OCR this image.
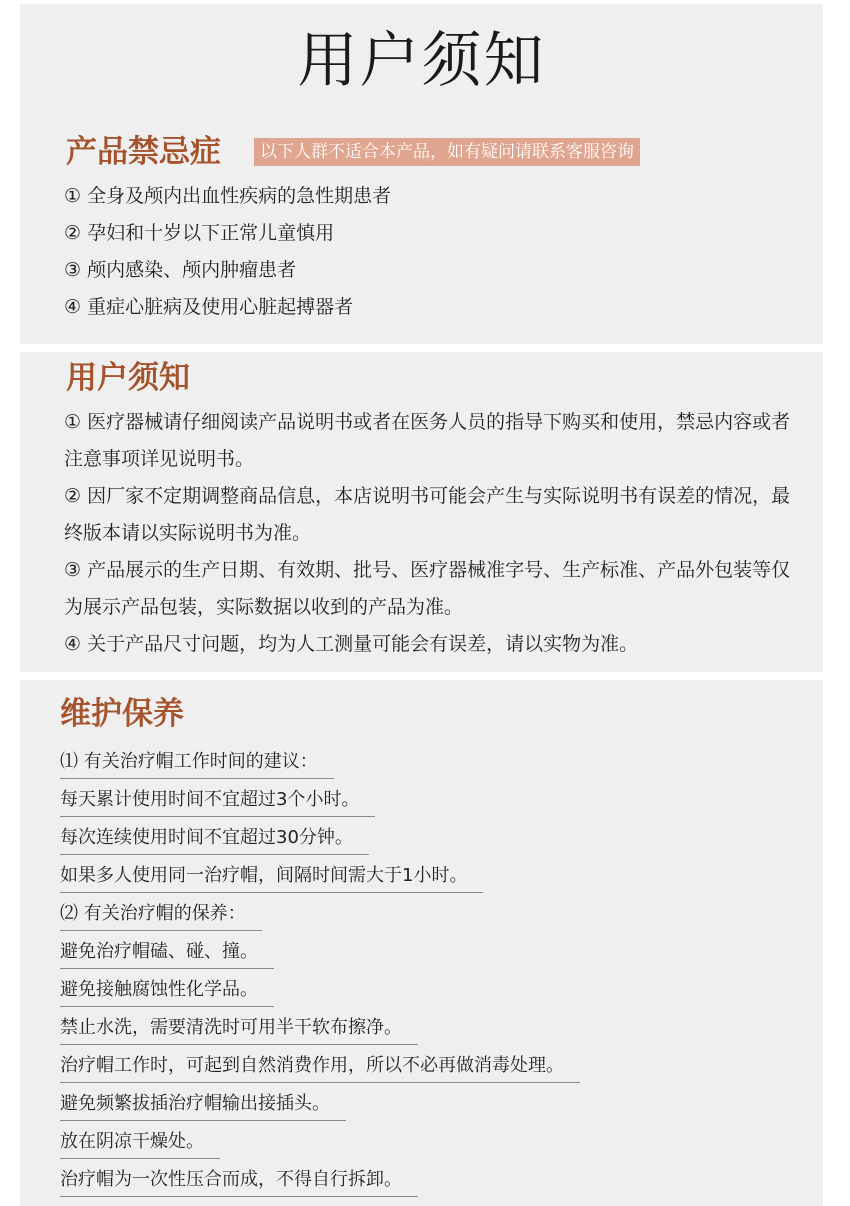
用户须知
产品禁忌症	以下人群不适合本产品，如有疑问请联系客服咨询
① 全身及颅内出血性疾病的急性期患者
② 孕妇和十岁以下正常儿童慎用
③ 颅内感染、颅内肿瘤患者
④ 重症心脏病及使用心脏起搏器者
用户须知
① 医疗器械请仔细阅读产品说明书或者在医务人员的指导下购买和使用，禁忌内容或者注意事项详见说明书。
② 因厂家不定期调整商品信息，本店说明书可能会产生与实际说明书有误差的情况，最终版本请以实际说明书为准。
③ 产品展示的生产日期、有效期、批号、医疗器械准字号、生产标准、产品外包装等仅为展示产品包装，实际数据以收到的产品为准。
④ 关于产品尺寸问题，均为人工测量可能会有误差，请以实物为准。
维护保养
⑴ 有关治疗帽工作时间的建议：
每天累计使用时间不宜超过3个小时。
每次连续使用时间不宜超过30分钟。
如果多人使用同一治疗帽，间隔时间需大于1小时。
⑵ 有关治疗帽的保养：
避免治疗帽磕、碰、撞。
避免接触腐蚀性化学品。
禁止水洗，需要清洗时可用半干软布擦净。
治疗帽工作时，可起到自然消费作用，所以不必再做消毒处理。
避免频繁拔插治疗帽输出接插头。
放在阴凉干燥处。
治疗帽为一次性压合而成，不得自行拆卸。
